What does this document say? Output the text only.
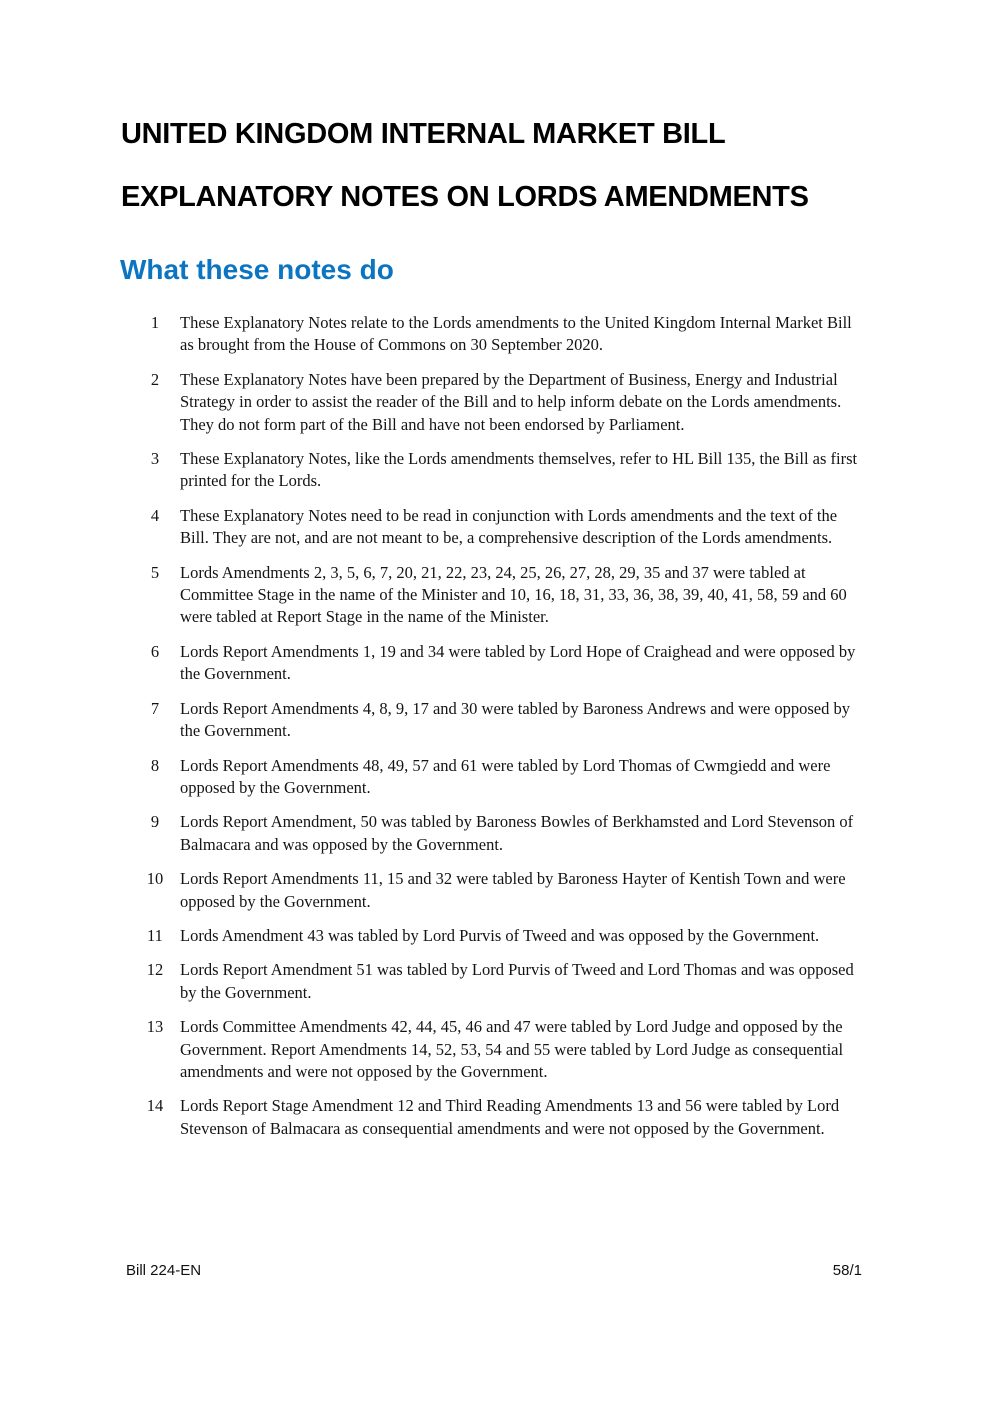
UNITED KINGDOM INTERNAL MARKET BILL
EXPLANATORY NOTES ON LORDS AMENDMENTS
What these notes do
1	These Explanatory Notes relate to the Lords amendments to the United Kingdom Internal Market Bill as brought from the House of Commons on 30 September 2020.
2	These Explanatory Notes have been prepared by the Department of Business, Energy and Industrial Strategy in order to assist the reader of the Bill and to help inform debate on the Lords amendments. They do not form part of the Bill and have not been endorsed by Parliament.
3	These Explanatory Notes, like the Lords amendments themselves, refer to HL Bill 135, the Bill as first printed for the Lords.
4	These Explanatory Notes need to be read in conjunction with Lords amendments and the text of the Bill. They are not, and are not meant to be, a comprehensive description of the Lords amendments.
5	Lords Amendments 2, 3, 5, 6, 7, 20, 21, 22, 23, 24, 25, 26, 27, 28, 29, 35 and 37 were tabled at Committee Stage in the name of the Minister and 10, 16, 18, 31, 33, 36, 38, 39, 40, 41, 58, 59 and 60 were tabled at Report Stage in the name of the Minister.
6	Lords Report Amendments 1, 19 and 34 were tabled by Lord Hope of Craighead and were opposed by the Government.
7	Lords Report Amendments 4, 8, 9, 17 and 30 were tabled by Baroness Andrews and were opposed by the Government.
8	Lords Report Amendments 48, 49, 57 and 61 were tabled by Lord Thomas of Cwmgiedd and were opposed by the Government.
9	Lords Report Amendment, 50 was tabled by Baroness Bowles of Berkhamsted and Lord Stevenson of Balmacara and was opposed by the Government.
10	Lords Report Amendments 11, 15 and 32 were tabled by Baroness Hayter of Kentish Town and were opposed by the Government.
11	Lords Amendment 43 was tabled by Lord Purvis of Tweed and was opposed by the Government.
12	Lords Report Amendment 51 was tabled by Lord Purvis of Tweed and Lord Thomas and was opposed by the Government.
13	Lords Committee Amendments 42, 44, 45, 46 and 47 were tabled by Lord Judge and opposed by the Government. Report Amendments 14, 52, 53, 54 and 55 were tabled by Lord Judge as consequential amendments and were not opposed by the Government.
14	Lords Report Stage Amendment 12 and Third Reading Amendments 13 and 56 were tabled by Lord Stevenson of Balmacara as consequential amendments and were not opposed by the Government.
Bill 224-EN	58/1
